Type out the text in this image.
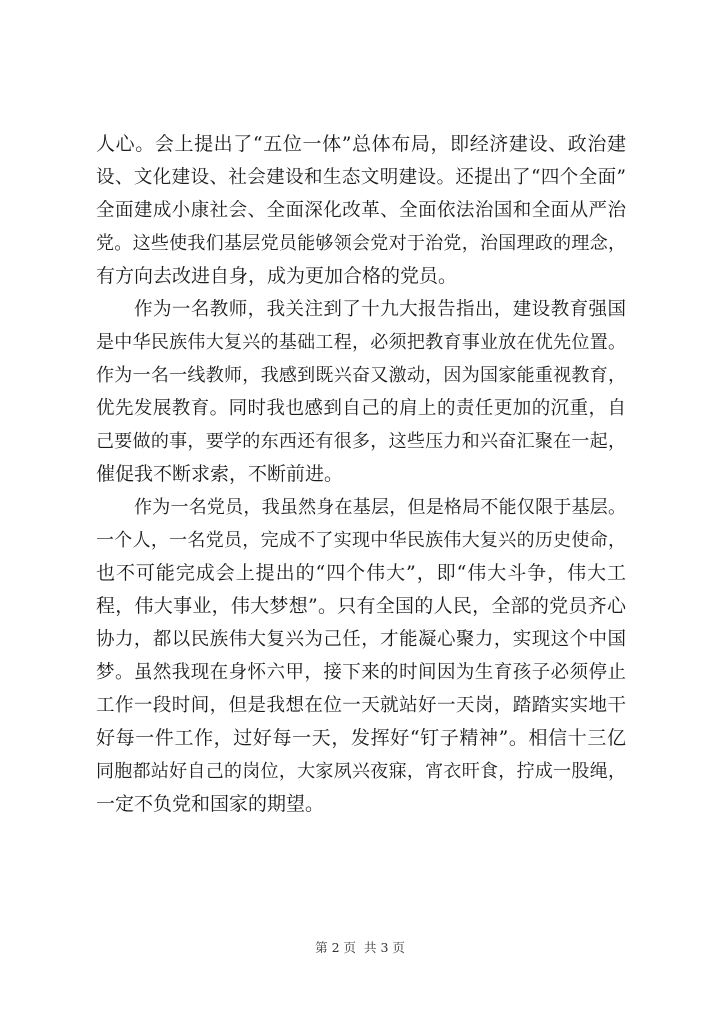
人心。会上提出了“五位一体”总体布局，即经济建设、政治建
设、文化建设、社会建设和生态文明建设。还提出了“四个全面”
全面建成小康社会、全面深化改革、全面依法治国和全面从严治
党。这些使我们基层党员能够领会党对于治党，治国理政的理念，
有方向去改进自身，成为更加合格的党员。
作为一名教师，我关注到了十九大报告指出，建设教育强国
是中华民族伟大复兴的基础工程，必须把教育事业放在优先位置。
作为一名一线教师，我感到既兴奋又激动，因为国家能重视教育，
优先发展教育。同时我也感到自己的肩上的责任更加的沉重，自
己要做的事，要学的东西还有很多，这些压力和兴奋汇聚在一起，
催促我不断求索，不断前进。
作为一名党员，我虽然身在基层，但是格局不能仅限于基层。
一个人，一名党员，完成不了实现中华民族伟大复兴的历史使命，
也不可能完成会上提出的“四个伟大”，即“伟大斗争，伟大工
程，伟大事业，伟大梦想”。只有全国的人民，全部的党员齐心
协力，都以民族伟大复兴为己任，才能凝心聚力，实现这个中国
梦。虽然我现在身怀六甲，接下来的时间因为生育孩子必须停止
工作一段时间，但是我想在位一天就站好一天岗，踏踏实实地干
好每一件工作，过好每一天，发挥好“钉子精神”。相信十三亿
同胞都站好自己的岗位，大家夙兴夜寐，宵衣旰食，拧成一股绳，
一定不负党和国家的期望。
第 2 页 共 3 页
